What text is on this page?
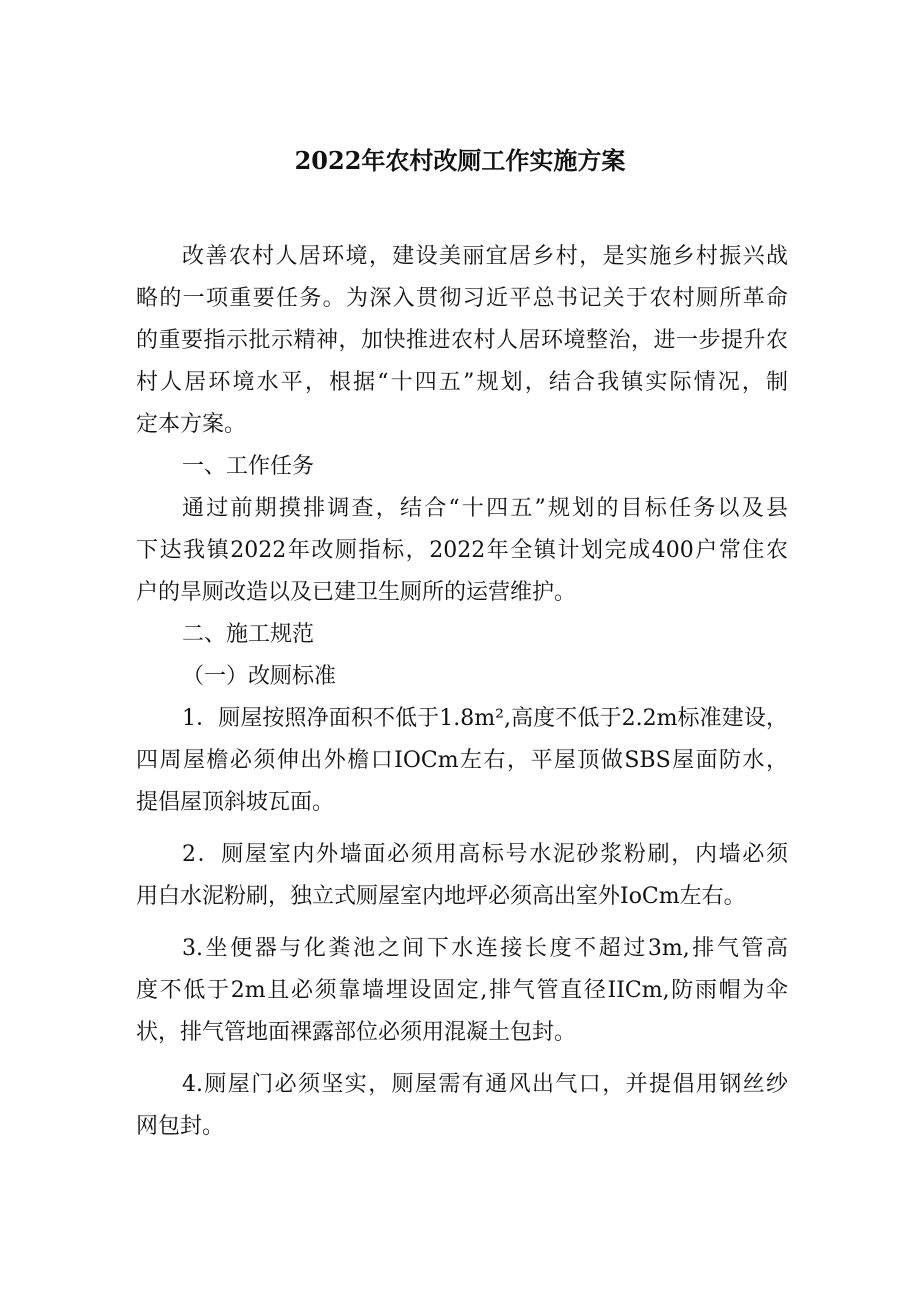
2022年农村改厕工作实施方案
改善农村人居环境，建设美丽宜居乡村，是实施乡村振兴战
略的一项重要任务。为深入贯彻习近平总书记关于农村厕所革命
的重要指示批示精神，加快推进农村人居环境整治，进一步提升农
村人居环境水平，根据“十四五”规划，结合我镇实际情况，制
定本方案。
一、工作任务
通过前期摸排调查，结合“十四五”规划的目标任务以及县
下达我镇2022年改厕指标，2022年全镇计划完成400户常住农
户的旱厕改造以及已建卫生厕所的运营维护。
二、施工规范
（一）改厕标准
1．厕屋按照净面积不低于1.8m²,高度不低于2.2m标准建设，
四周屋檐必须伸出外檐口IOCm左右，平屋顶做SBS屋面防水，
提倡屋顶斜坡瓦面。
2．厕屋室内外墙面必须用高标号水泥砂浆粉刷，内墙必须
用白水泥粉刷，独立式厕屋室内地坪必须高出室外IoCm左右。
3.坐便器与化粪池之间下水连接长度不超过3m,排气管高
度不低于2m且必须靠墙埋设固定,排气管直径IICm,防雨帽为伞
状，排气管地面裸露部位必须用混凝土包封。
4.厕屋门必须坚实，厕屋需有通风出气口，并提倡用钢丝纱
网包封。
